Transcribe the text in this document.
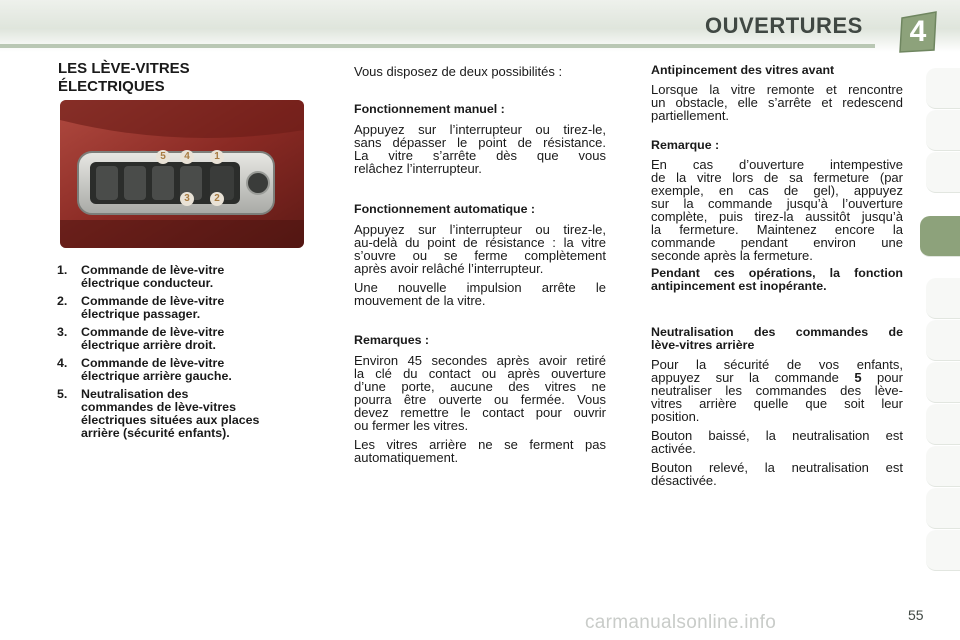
OUVERTURES	4
LES LÈVE-VITRES
ÉLECTRIQUES
5	4	1
3	2
1. Commande de lève-vitre
électrique conducteur.
2. Commande de lève-vitre
électrique passager.
3. Commande de lève-vitre
électrique arrière droit.
4. Commande de lève-vitre
électrique arrière gauche.
5. Neutralisation des
commandes de lève-vitres
électriques situées aux places
arrière (sécurité enfants).

Vous disposez de deux possibilités :

Fonctionnement manuel :

Appuyez sur l’interrupteur ou tirez-le,

sans dépasser le point de résistance.

La vitre s’arrête dès que vous

relâchez l’interrupteur.

Fonctionnement automatique :

Appuyez sur l’interrupteur ou tirez-le,

au-delà du point de résistance : la vitre

s’ouvre ou se ferme complètement

après avoir relâché l’interrupteur.

Une nouvelle impulsion arrête le

mouvement de la vitre.

Remarques :

Environ 45 secondes après avoir retiré

la clé du contact ou après ouverture

d’une porte, aucune des vitres ne

pourra être ouverte ou fermée. Vous

devez remettre le contact pour ouvrir

ou fermer les vitres.

Les vitres arrière ne se ferment pas

automatiquement.

Antipincement des vitres avant

Lorsque la vitre remonte et rencontre

un obstacle, elle s’arrête et redescend

partiellement.

Remarque :

En cas d’ouverture intempestive

de la vitre lors de sa fermeture (par

exemple, en cas de gel), appuyez

sur la commande jusqu’à l’ouverture

complète, puis tirez-la aussitôt jusqu’à

la fermeture. Maintenez encore la

commande pendant environ une

seconde après la fermeture.

Pendant ces opérations, la fonction

antipincement est inopérante.

Neutralisation des commandes de

lève-vitres arrière

Pour la sécurité de vos enfants,

appuyez sur la commande 5 pour

neutraliser les commandes des lève-

vitres arrière quelle que soit leur

position.

Bouton baissé, la neutralisation est

activée.

Bouton relevé, la neutralisation est

désactivée.

55
carmanualsonline.info
